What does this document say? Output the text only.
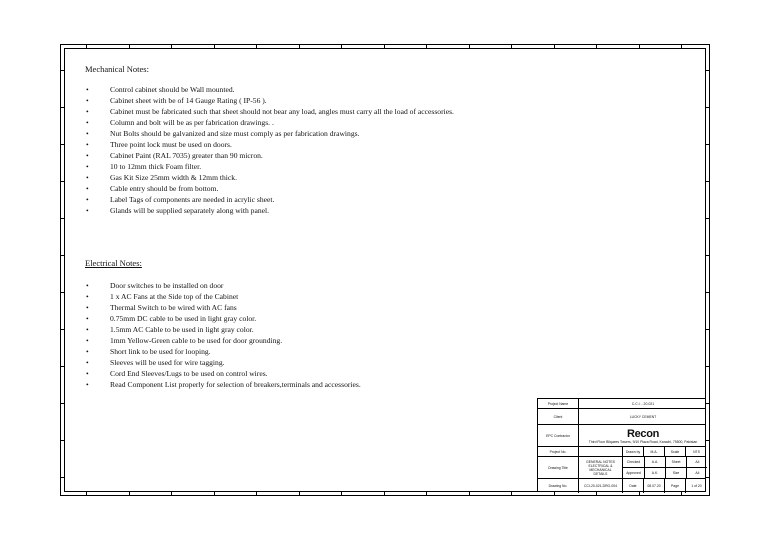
Mechanical Notes:
• Control cabinet should be Wall mounted.
• Cabinet sheet with be of 14 Gauge Rating ( IP-56 ).
• Cabinet must be fabricated such that sheet should not bear any load, angles must carry all the load of accessories.
• Column and bolt will be as per fabrication drawings. .
• Nut Bolts should be galvanized and size must comply as per fabrication drawings.
• Three point lock must be used on doors.
• Cabinet Paint (RAL 7035) greater than 90 micron.
• 10 to 12mm thick Foam filter.
• Gas Kit Size 25mm width & 12mm thick.
• Cable entry should be from bottom.
• Label Tags of components are needed in acrylic sheet.
• Glands will be supplied separately along with panel.
Electrical Notes:
• Door switches to be installed on door
• 1 x AC Fans at the Side top of the Cabinet
• Thermal Switch to be wired with AC fans
• 0.75mm DC cable to be used in light gray color.
• 1.5mm AC Cable to be used in light gray color.
• 1mm Yellow-Green cable to be used for door grounding.
• Short link to be used for looping.
• Sleeves will be used for wire tagging.
• Cord End Sleeves/Lugs to be used on control wires.
• Read Component List properly for selection of breakers,terminals and accessories.
Project Name	C.C.I. - 20-021
Client	LUCKY CEMENT
EPC Contractor	Recon
Third Floor Bilquees Towers, 9/10 Plaza Road, Karachi, 75500, Pakistan
Project No.	Drawn by	M.A.	Scale	NTS
Drawing Title
GENERAL NOTES
ELECTRICAL & MECHANICAL
DETAILS
Checked	A.A.	Sheet	A4
Approved	A.K.	Size	A4
Drawing No.	CCI-20-021-DRG-004	Date	08.07.20	Page	1 of 20
